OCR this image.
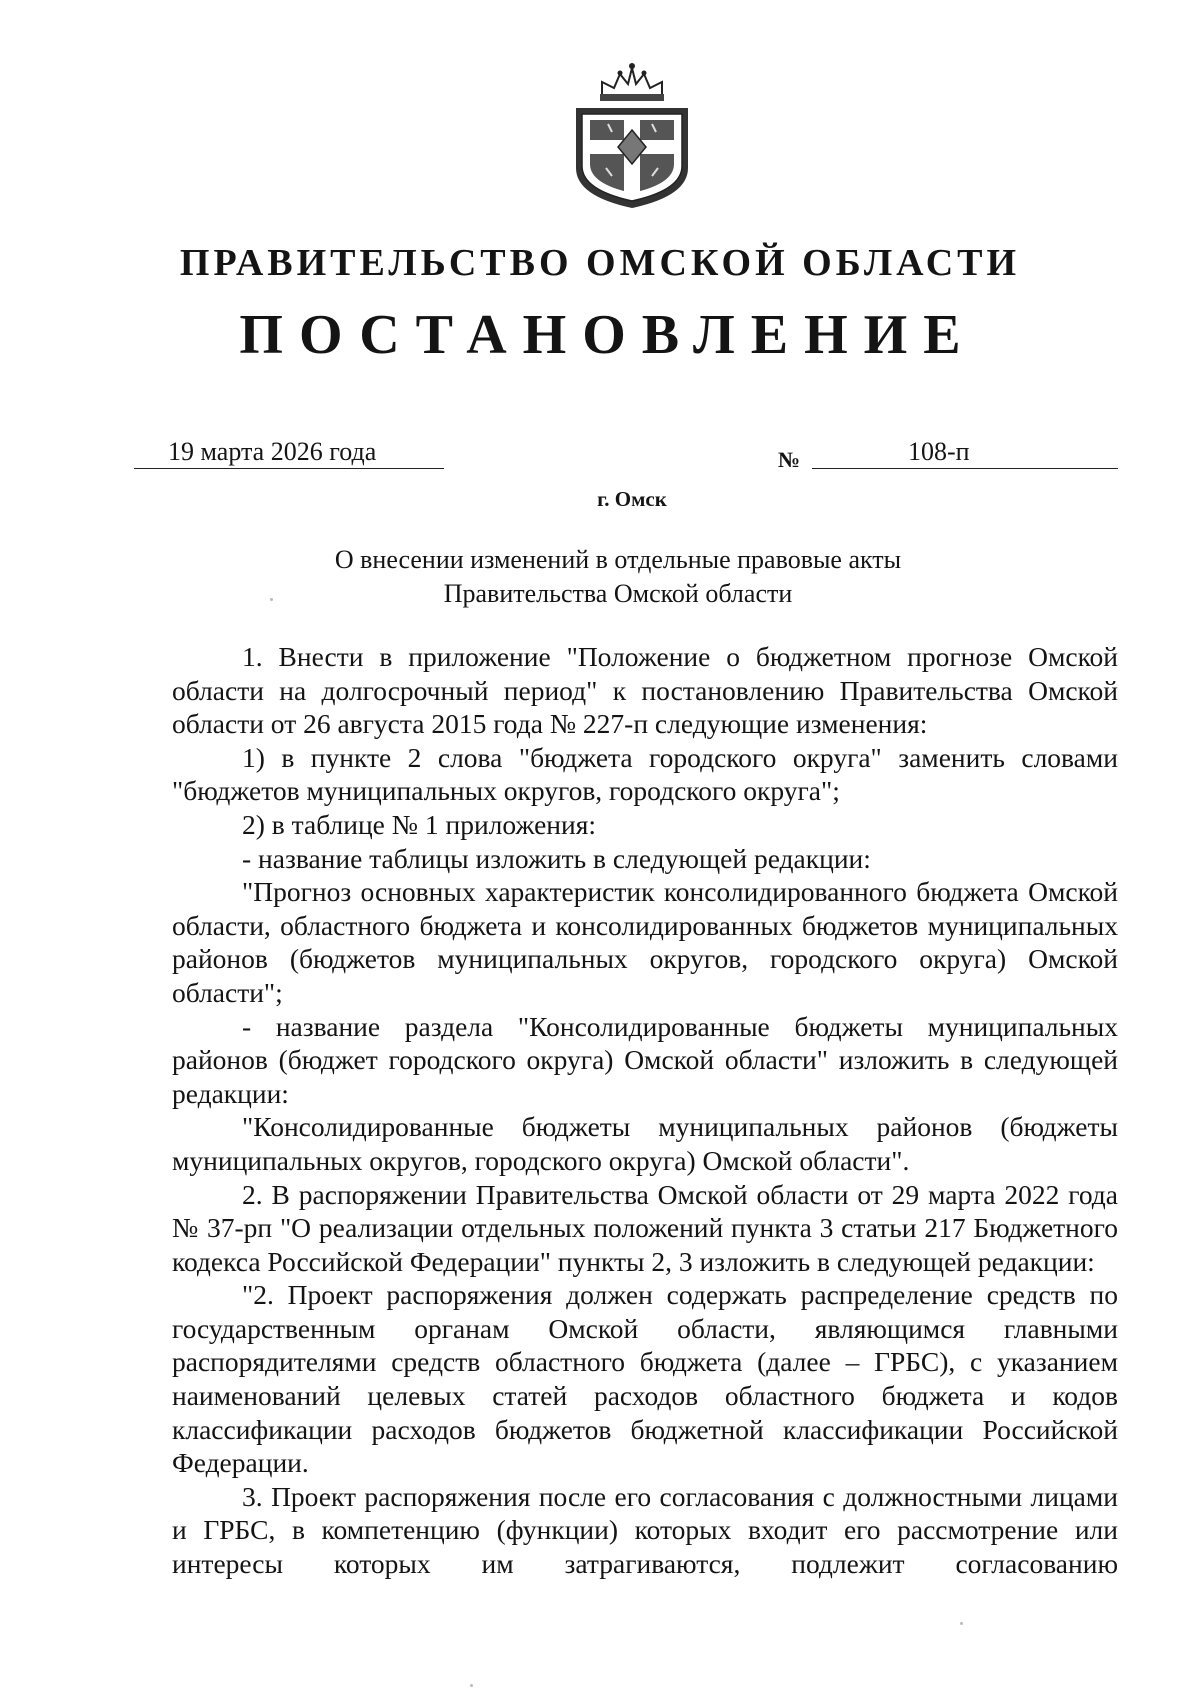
ПРАВИТЕЛЬСТВО ОМСКОЙ ОБЛАСТИ
ПОСТАНОВЛЕНИЕ
19 марта 2026 года	№	108-п
г. Омск
О внесении изменений в отдельные правовые акты
Правительства Омской области

1. Внести в приложение "Положение о бюджетном прогнозе Омской области на долгосрочный период" к постановлению Правительства Омской области от 26 августа 2015 года № 227-п следующие изменения:

1) в пункте 2 слова "бюджета городского округа" заменить словами "бюджетов муниципальных округов, городского округа";

2) в таблице № 1 приложения:

- название таблицы изложить в следующей редакции:

"Прогноз основных характеристик консолидированного бюджета Омской области, областного бюджета и консолидированных бюджетов муниципальных районов (бюджетов муниципальных округов, городского округа) Омской области";

- название раздела "Консолидированные бюджеты муниципальных районов (бюджет городского округа) Омской области" изложить в следующей редакции:

"Консолидированные бюджеты муниципальных районов (бюджеты муниципальных округов, городского округа) Омской области".

2. В распоряжении Правительства Омской области от 29 марта 2022 года № 37-рп "О реализации отдельных положений пункта 3 статьи 217 Бюджетного кодекса Российской Федерации" пункты 2, 3 изложить в следующей редакции:

"2. Проект распоряжения должен содержать распределение средств по государственным органам Омской области, являющимся главными распорядителями средств областного бюджета (далее – ГРБС), с указанием наименований целевых статей расходов областного бюджета и кодов классификации расходов бюджетов бюджетной классификации Российской Федерации.

3. Проект распоряжения после его согласования с должностными лицами и ГРБС, в компетенцию (функции) которых входит его рассмотрение или интересы которых им затрагиваются, подлежит согласованию
